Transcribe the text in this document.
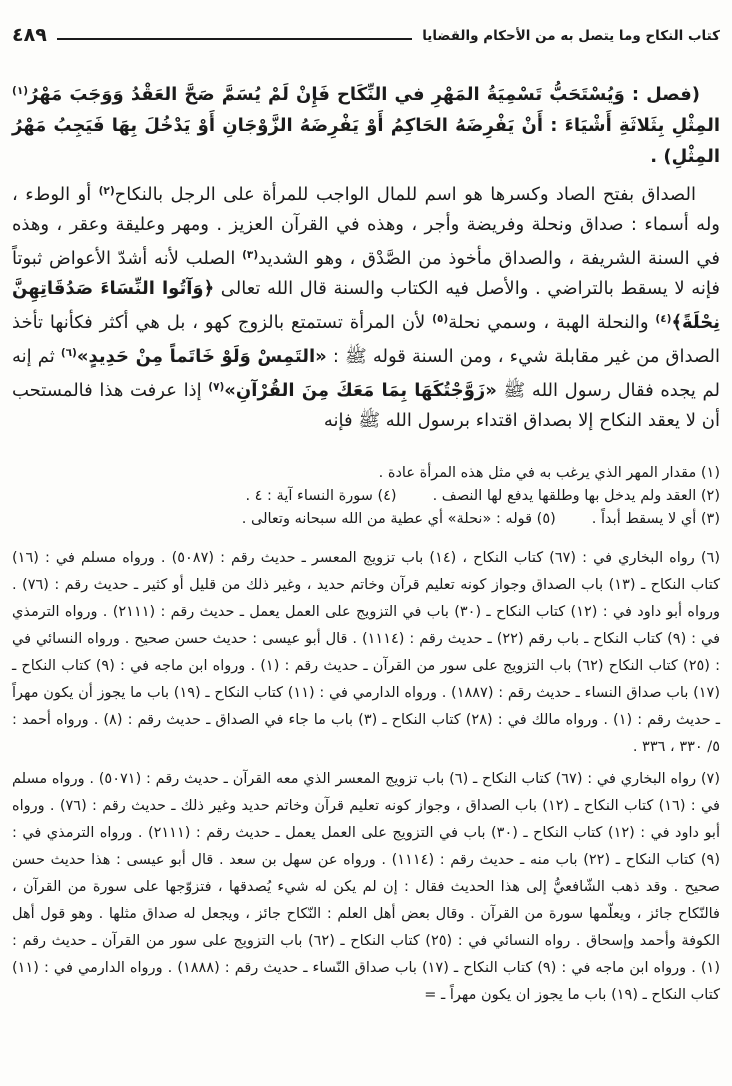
كتاب النكاح وما يتصل به من الأحكام والقضايا
٤٨٩

(فصل : وَيُسْتَحَبُّ تَسْمِيَةُ المَهْرِ في النِّكَاح فَإِنْ لَمْ يُسَمَّ صَحَّ العَقْدُ وَوَجَبَ مَهْرُ$^{(١)}$ المِثْلِ بِثَلاثَةِ أَشْيَاءَ : أَنْ يَفْرِضَهُ الحَاكِمُ أَوْ يَفْرِضَهُ الزَّوْجَانِ أَوْ يَدْخُلَ بِهَا فَيَجِبُ مَهْرُ المِثْلِ) .

الصداق بفتح الصاد وكسرها هو اسم للمال الواجب للمرأة على الرجل بالنكاح$^{(٢)}$ أو الوطء ، وله أسماء : صداق ونحلة وفريضة وأجر ، وهذه في القرآن العزيز . ومهر وعليقة وعقر ، وهذه في السنة الشريفة ، والصداق مأخوذ من الصَّدْق ، وهو الشديد$^{(٣)}$ الصلب لأنه أشدّ الأعواض ثبوتاً فإنه لا يسقط بالتراضي . والأصل فيه الكتاب والسنة قال الله تعالى ﴿وَآتُوا النِّسَاءَ صَدُقَاتِهِنَّ نِحْلَةً﴾$^{(٤)}$ والنحلة الهبة ، وسمي نحلة$^{(٥)}$ لأن المرأة تستمتع بالزوج كهو ، بل هي أكثر فكأنها تأخذ الصداق من غير مقابلة شيء ، ومن السنة قوله ﷺ : «التَمِسْ وَلَوْ خَاتَماً مِنْ حَدِيدٍ»$^{(٦)}$ ثم إنه لم يجده فقال رسول الله ﷺ «زَوَّجْتُكَهَا بِمَا مَعَكَ مِنَ القُرْآنِ»$^{(٧)}$ إذا عرفت هذا فالمستحب أن لا يعقد النكاح إلا بصداق اقتداء برسول الله ﷺ فإنه

(١) مقدار المهر الذي يرغب به في مثل هذه المرأة عادة .
(٢) العقد ولم يدخل بها وطلقها يدفع لها النصف .
(٤) سورة النساء آية : ٤ .
(٣) أي لا يسقط أبداً .
(٥) قوله : «نحلة» أي عطية من الله سبحانه وتعالى .

(٦) رواه البخاري في : (٦٧) كتاب النكاح ، (١٤) باب تزويج المعسر ـ حديث رقم : (٥٠٨٧) . ورواه مسلم في : (١٦) كتاب النكاح ـ (١٣) باب الصداق وجواز كونه تعليم قرآن وخاتم حديد ، وغير ذلك من قليل أو كثير ـ حديث رقم : (٧٦) . ورواه أبو داود في : (١٢) كتاب النكاح ـ (٣٠) باب في التزويج على العمل يعمل ـ حديث رقم : (٢١١١) . ورواه الترمذي في : (٩) كتاب النكاح ـ باب رقم (٢٢) ـ حديث رقم : (١١١٤) . قال أبو عيسى : حديث حسن صحيح . ورواه النسائي في : (٢٥) كتاب النكاح (٦٢) باب التزويج على سور من القرآن ـ حديث رقم : (١) . ورواه ابن ماجه في : (٩) كتاب النكاح ـ (١٧) باب صداق النساء ـ حديث رقم : (١٨٨٧) . ورواه الدارمي في : (١١) كتاب النكاح ـ (١٩) باب ما يجوز أن يكون مهراً ـ حديث رقم : (١) . ورواه مالك في : (٢٨) كتاب النكاح ـ (٣) باب ما جاء في الصداق ـ حديث رقم : (٨) . ورواه أحمد : ٥/ ٣٣٠ ، ٣٣٦ .

(٧) رواه البخاري في : (٦٧) كتاب النكاح ـ (٦) باب تزويج المعسر الذي معه القرآن ـ حديث رقم : (٥٠٧١) . ورواه مسلم في : (١٦) كتاب النكاح ـ (١٢) باب الصداق ، وجواز كونه تعليم قرآن وخاتم حديد وغير ذلك ـ حديث رقم : (٧٦) . ورواه أبو داود في : (١٢) كتاب النكاح ـ (٣٠) باب في التزويج على العمل يعمل ـ حديث رقم : (٢١١١) . ورواه الترمذي في : (٩) كتاب النكاح ـ (٢٢) باب منه ـ حديث رقم : (١١١٤) . ورواه عن سهل بن سعد . قال أبو عيسى : هذا حديث حسن صحيح . وقد ذهب الشّافعيُّ إلى هذا الحديث فقال : إن لم يكن له شيء يُصدقها ، فتزوّجها على سورة من القرآن ، فالنّكاح جائز ، ويعلّمها سورة من القرآن . وقال بعض أهل العلم : النّكاح جائز ، ويجعل له صداق مثلها . وهو قول أهل الكوفة وأحمد وإسحاق . رواه النسائي في : (٢٥) كتاب النكاح ـ (٦٢) باب التزويج على سور من القرآن ـ حديث رقم : (١) . ورواه ابن ماجه في : (٩) كتاب النكاح ـ (١٧) باب صداق النّساء ـ حديث رقم : (١٨٨٨) . ورواه الدارمي في : (١١) كتاب النكاح ـ (١٩) باب ما يجوز ان يكون مهراً ـ =
